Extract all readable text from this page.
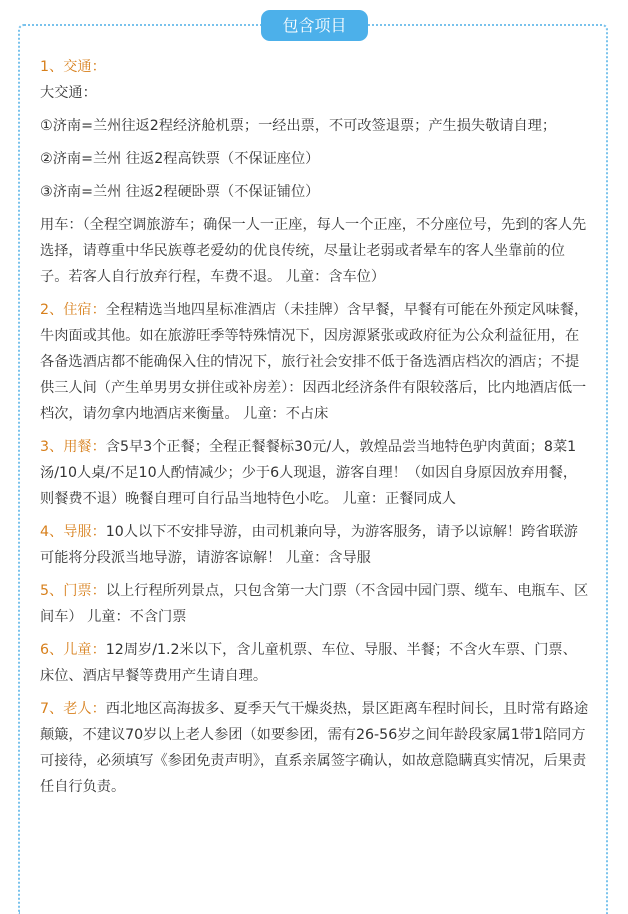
包含项目

1、交通：

大交通：

①济南=兰州往返2程经济舱机票；一经出票，不可改签退票；产生损失敬请自理；

②济南=兰州 往返2程高铁票（不保证座位）

③济南=兰州 往返2程硬卧票（不保证铺位）

用车：（全程空调旅游车；确保一人一正座，每人一个正座，不分座位号，先到的客人先选择，请尊重中华民族尊老爱幼的优良传统，尽量让老弱或者晕车的客人坐靠前的位子。若客人自行放弃行程，车费不退。 儿童：含车位）

2、住宿：全程精选当地四星标准酒店（未挂牌）含早餐，早餐有可能在外预定风味餐，牛肉面或其他。如在旅游旺季等特殊情况下，因房源紧张或政府征为公众利益征用，在各备选酒店都不能确保入住的情况下，旅行社会安排不低于备选酒店档次的酒店；不提供三人间（产生单男男女拼住或补房差）：因西北经济条件有限较落后，比内地酒店低一档次，请勿拿内地酒店来衡量。 儿童：不占床

3、用餐：含5早3个正餐；全程正餐餐标30元/人，敦煌品尝当地特色驴肉黄面；8菜1汤/10人桌/不足10人酌情减少；少于6人现退，游客自理！（如因自身原因放弃用餐，则餐费不退）晚餐自理可自行品当地特色小吃。 儿童：正餐同成人

4、导服：10人以下不安排导游，由司机兼向导，为游客服务，请予以谅解！跨省联游可能将分段派当地导游，请游客谅解！ 儿童：含导服

5、门票：以上行程所列景点，只包含第一大门票（不含园中园门票、缆车、电瓶车、区间车） 儿童：不含门票

6、儿童：12周岁/1.2米以下，含儿童机票、车位、导服、半餐；不含火车票、门票、床位、酒店早餐等费用产生请自理。

7、老人：西北地区高海拔多、夏季天气干燥炎热，景区距离车程时间长，且时常有路途颠簸，不建议70岁以上老人参团（如要参团，需有26-56岁之间年龄段家属1带1陪同方可接待，必须填写《参团免责声明》，直系亲属签字确认，如故意隐瞒真实情况，后果责任自行负责。
